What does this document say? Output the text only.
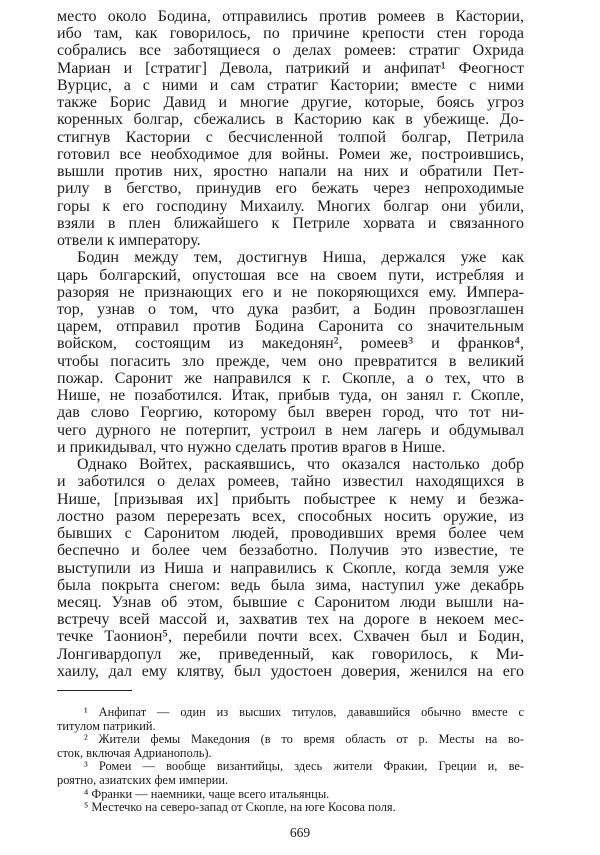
место около Бодина, отправились против ромеев в Кастории,
ибо там, как говорилось, по причине крепости стен города
собрались все заботящиеся о делах ромеев: стратиг Охрида
Мариан и [стратиг] Девола, патрикий и анфипат¹ Феогност
Вурцис, а с ними и сам стратиг Кастории; вместе с ними
также Борис Давид и многие другие, которые, боясь угроз
коренных болгар, сбежались в Касторию как в убежище. До-
стигнув Кастории с бесчисленной толпой болгар, Петрила
готовил все необходимое для войны. Ромеи же, построившись,
вышли против них, яростно напали на них и обратили Пет-
рилу в бегство, принудив его бежать через непроходимые
горы к его господину Михаилу. Многих болгар они убили,
взяли в плен ближайшего к Петриле хорвата и связанного
отвели к императору.
Бодин между тем, достигнув Ниша, держался уже как
царь болгарский, опустошая все на своем пути, истребляя и
разоряя не признающих его и не покоряющихся ему. Импера-
тор, узнав о том, что дука разбит, а Бодин провозглашен
царем, отправил против Бодина Саронита со значительным
войском, состоящим из македонян², ромеев³ и франков⁴,
чтобы погасить зло прежде, чем оно превратится в великий
пожар. Саронит же направился к г. Скопле, а о тех, что в
Нише, не позаботился. Итак, прибыв туда, он занял г. Скопле,
дав слово Георгию, которому был вверен город, что тот ни-
чего дурного не потерпит, устроил в нем лагерь и обдумывал
и прикидывал, что нужно сделать против врагов в Нише.
Однако Войтех, раскаявшись, что оказался настолько добр
и заботился о делах ромеев, тайно известил находящихся в
Нише, [призывая их] прибыть побыстрее к нему и безжа-
лостно разом перерезать всех, способных носить оружие, из
бывших с Саронитом людей, проводивших время более чем
беспечно и более чем беззаботно. Получив это известие, те
выступили из Ниша и направились к Скопле, когда земля уже
была покрыта снегом: ведь была зима, наступил уже декабрь
месяц. Узнав об этом, бывшие с Саронитом люди вышли на-
встречу всей массой и, захватив тех на дороге в некоем мес-
течке Таонион⁵, перебили почти всех. Схвачен был и Бодин,
Лонгивардопул же, приведенный, как говорилось, к Ми-
хаилу, дал ему клятву, был удостоен доверия, женился на его
¹ Анфипат — один из высших титулов, дававшийся обычно вместе с
титулом патрикий.
² Жители фемы Македония (в то время область от р. Месты на во-
сток, включая Адрианополь).
³ Ромеи — вообще византийцы, здесь жители Фракии, Греции и, ве-
роятно, азиатских фем империи.
⁴ Франки — наемники, чаще всего итальянцы.
⁵ Местечко на северо-запад от Скопле, на юге Косова поля.
669
